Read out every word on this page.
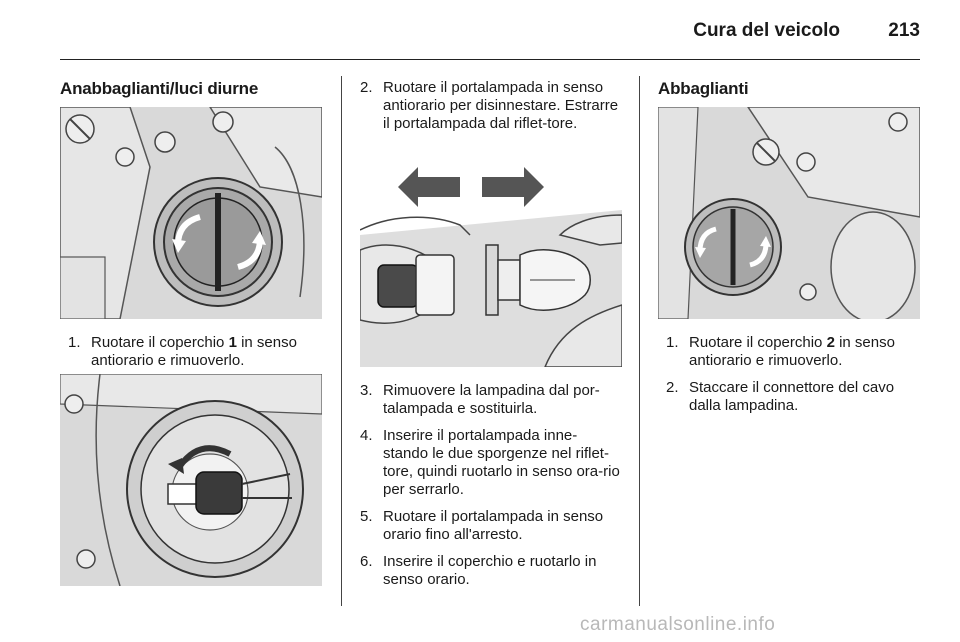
Cura del veicolo	213
Anabbaglianti/luci diurne
1. Ruotare il coperchio 1 in senso antiorario e rimuoverlo.
2. Ruotare il portalampada in senso antiorario per disinnestare. Estrarre il portalampada dal riflet-tore.
3. Rimuovere la lampadina dal por-talampada e sostituirla.
4. Inserire il portalampada inne-stando le due sporgenze nel riflet-tore, quindi ruotarlo in senso ora-rio per serrarlo.
5. Ruotare il portalampada in senso orario fino all'arresto.
6. Inserire il coperchio e ruotarlo in senso orario.
Abbaglianti
1. Ruotare il coperchio 2 in senso antiorario e rimuoverlo.
2. Staccare il connettore del cavo dalla lampadina.
carmanualsonline.info
